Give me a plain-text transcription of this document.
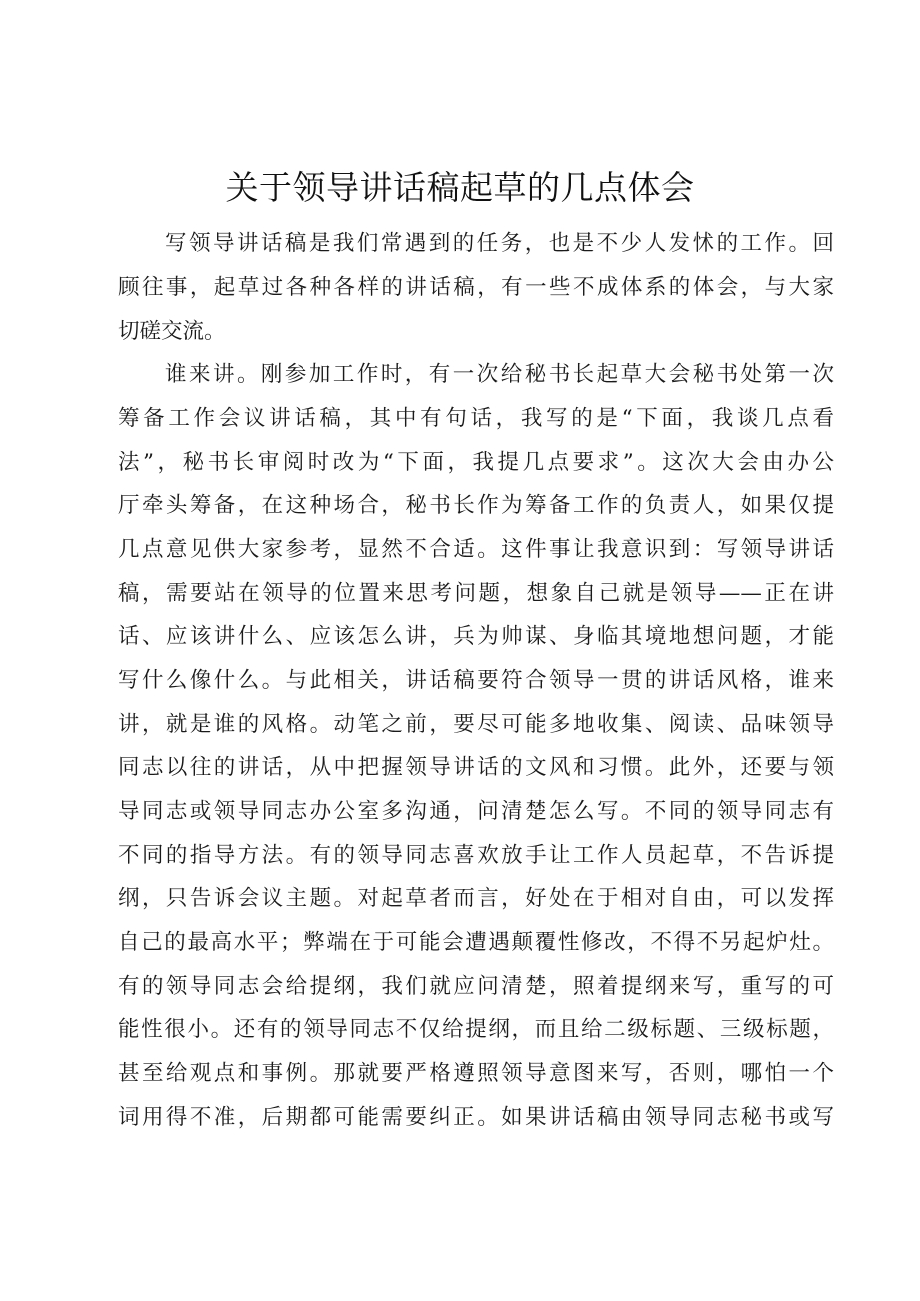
关于领导讲话稿起草的几点体会
写领导讲话稿是我们常遇到的任务，也是不少人发怵的工作。回
顾往事，起草过各种各样的讲话稿，有一些不成体系的体会，与大家
切磋交流。
谁来讲。刚参加工作时，有一次给秘书长起草大会秘书处第一次
筹备工作会议讲话稿，其中有句话，我写的是“下面，我谈几点看
法”，秘书长审阅时改为“下面，我提几点要求”。这次大会由办公
厅牵头筹备，在这种场合，秘书长作为筹备工作的负责人，如果仅提
几点意见供大家参考，显然不合适。这件事让我意识到：写领导讲话
稿，需要站在领导的位置来思考问题，想象自己就是领导——正在讲
话、应该讲什么、应该怎么讲，兵为帅谋、身临其境地想问题，才能
写什么像什么。与此相关，讲话稿要符合领导一贯的讲话风格，谁来
讲，就是谁的风格。动笔之前，要尽可能多地收集、阅读、品味领导
同志以往的讲话，从中把握领导讲话的文风和习惯。此外，还要与领
导同志或领导同志办公室多沟通，问清楚怎么写。不同的领导同志有
不同的指导方法。有的领导同志喜欢放手让工作人员起草，不告诉提
纲，只告诉会议主题。对起草者而言，好处在于相对自由，可以发挥
自己的最高水平；弊端在于可能会遭遇颠覆性修改，不得不另起炉灶。
有的领导同志会给提纲，我们就应问清楚，照着提纲来写，重写的可
能性很小。还有的领导同志不仅给提纲，而且给二级标题、三级标题，
甚至给观点和事例。那就要严格遵照领导意图来写，否则，哪怕一个
词用得不准，后期都可能需要纠正。如果讲话稿由领导同志秘书或写
